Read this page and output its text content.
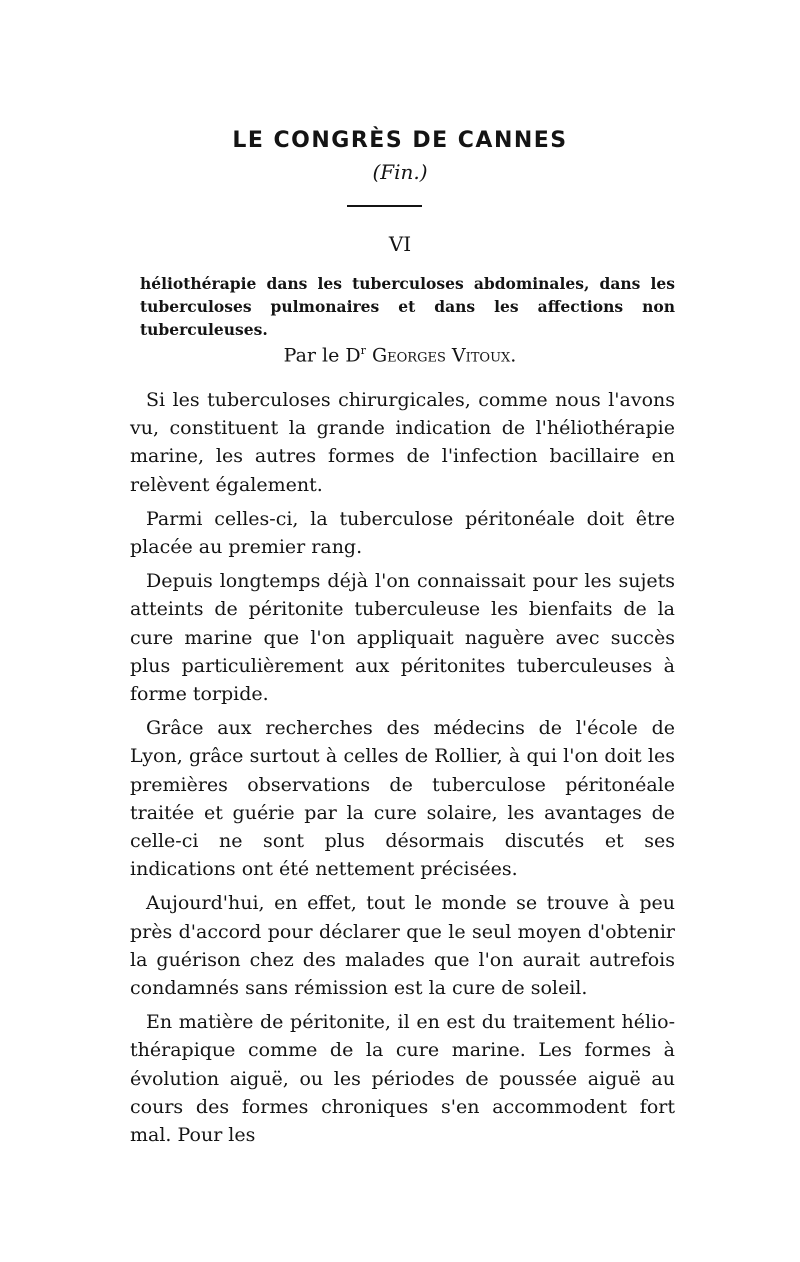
LE CONGRÈS DE CANNES
(Fin.)
VI
héliothérapie dans les tuberculoses abdominales, dans les tuberculoses pulmonaires et dans les affections non tuberculeuses.
Par le $D^r$ Georges Vitoux.

Si les tuberculoses chirurgicales, comme nous l'avons vu, constituent la grande indication de l'héliothérapie marine, les autres formes de l'infection bacillaire en relèvent également.

Parmi celles-ci, la tuberculose péritonéale doit être placée au premier rang.

Depuis longtemps déjà l'on connaissait pour les sujets atteints de péritonite tuberculeuse les bienfaits de la cure marine que l'on appliquait naguère avec succès plus particulièrement aux péritonites tuberculeuses à forme torpide.

Grâce aux recherches des médecins de l'école de Lyon, grâce surtout à celles de Rollier, à qui l'on doit les premières observations de tuberculose péritonéale traitée et guérie par la cure solaire, les avantages de celle-ci ne sont plus désormais discutés et ses indications ont été nettement précisées.

Aujourd'hui, en effet, tout le monde se trouve à peu près d'accord pour déclarer que le seul moyen d'obtenir la guérison chez des malades que l'on aurait autrefois condamnés sans rémission est la cure de soleil.

En matière de péritonite, il en est du traitement héliothérapique comme de la cure marine. Les formes à évolution aiguë, ou les périodes de poussée aiguë au cours des formes chroniques s'en accommodent fort mal. Pour les
